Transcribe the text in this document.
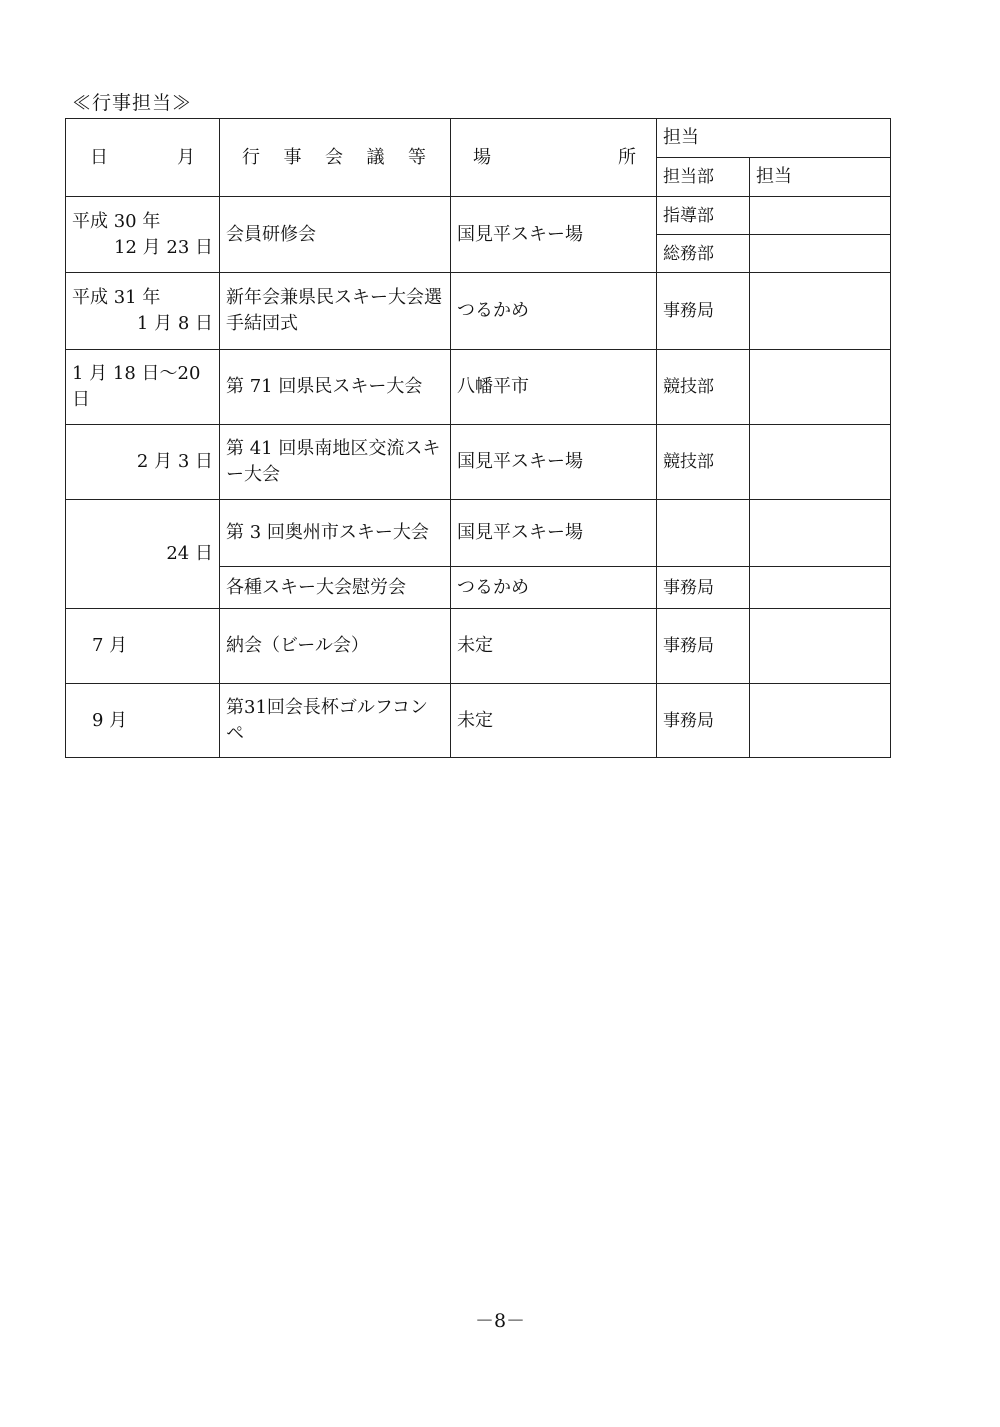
≪行事担当≫
日 月	行 事 会 議 等	場 所	担当	
			担当部	担当

平成 30 年
12 月 23 日	会員研修会	国見平スキー場	指導部	
			総務部	

平成 31 年
1 月 8 日	新年会兼県民スキー大会選手結団式	つるかめ	事務局	
1 月 18 日～20 日	第 71 回県民スキー大会	八幡平市	競技部	
2 月 3 日	第 41 回県南地区交流スキー大会	国見平スキー場	競技部	
24 日	第 3 回奥州市スキー大会	国見平スキー場		
	各種スキー大会慰労会	つるかめ	事務局	
7 月	納会（ビール会）	未定	事務局	
9 月	第31回会長杯ゴルフコンペ	未定	事務局	
－8－
